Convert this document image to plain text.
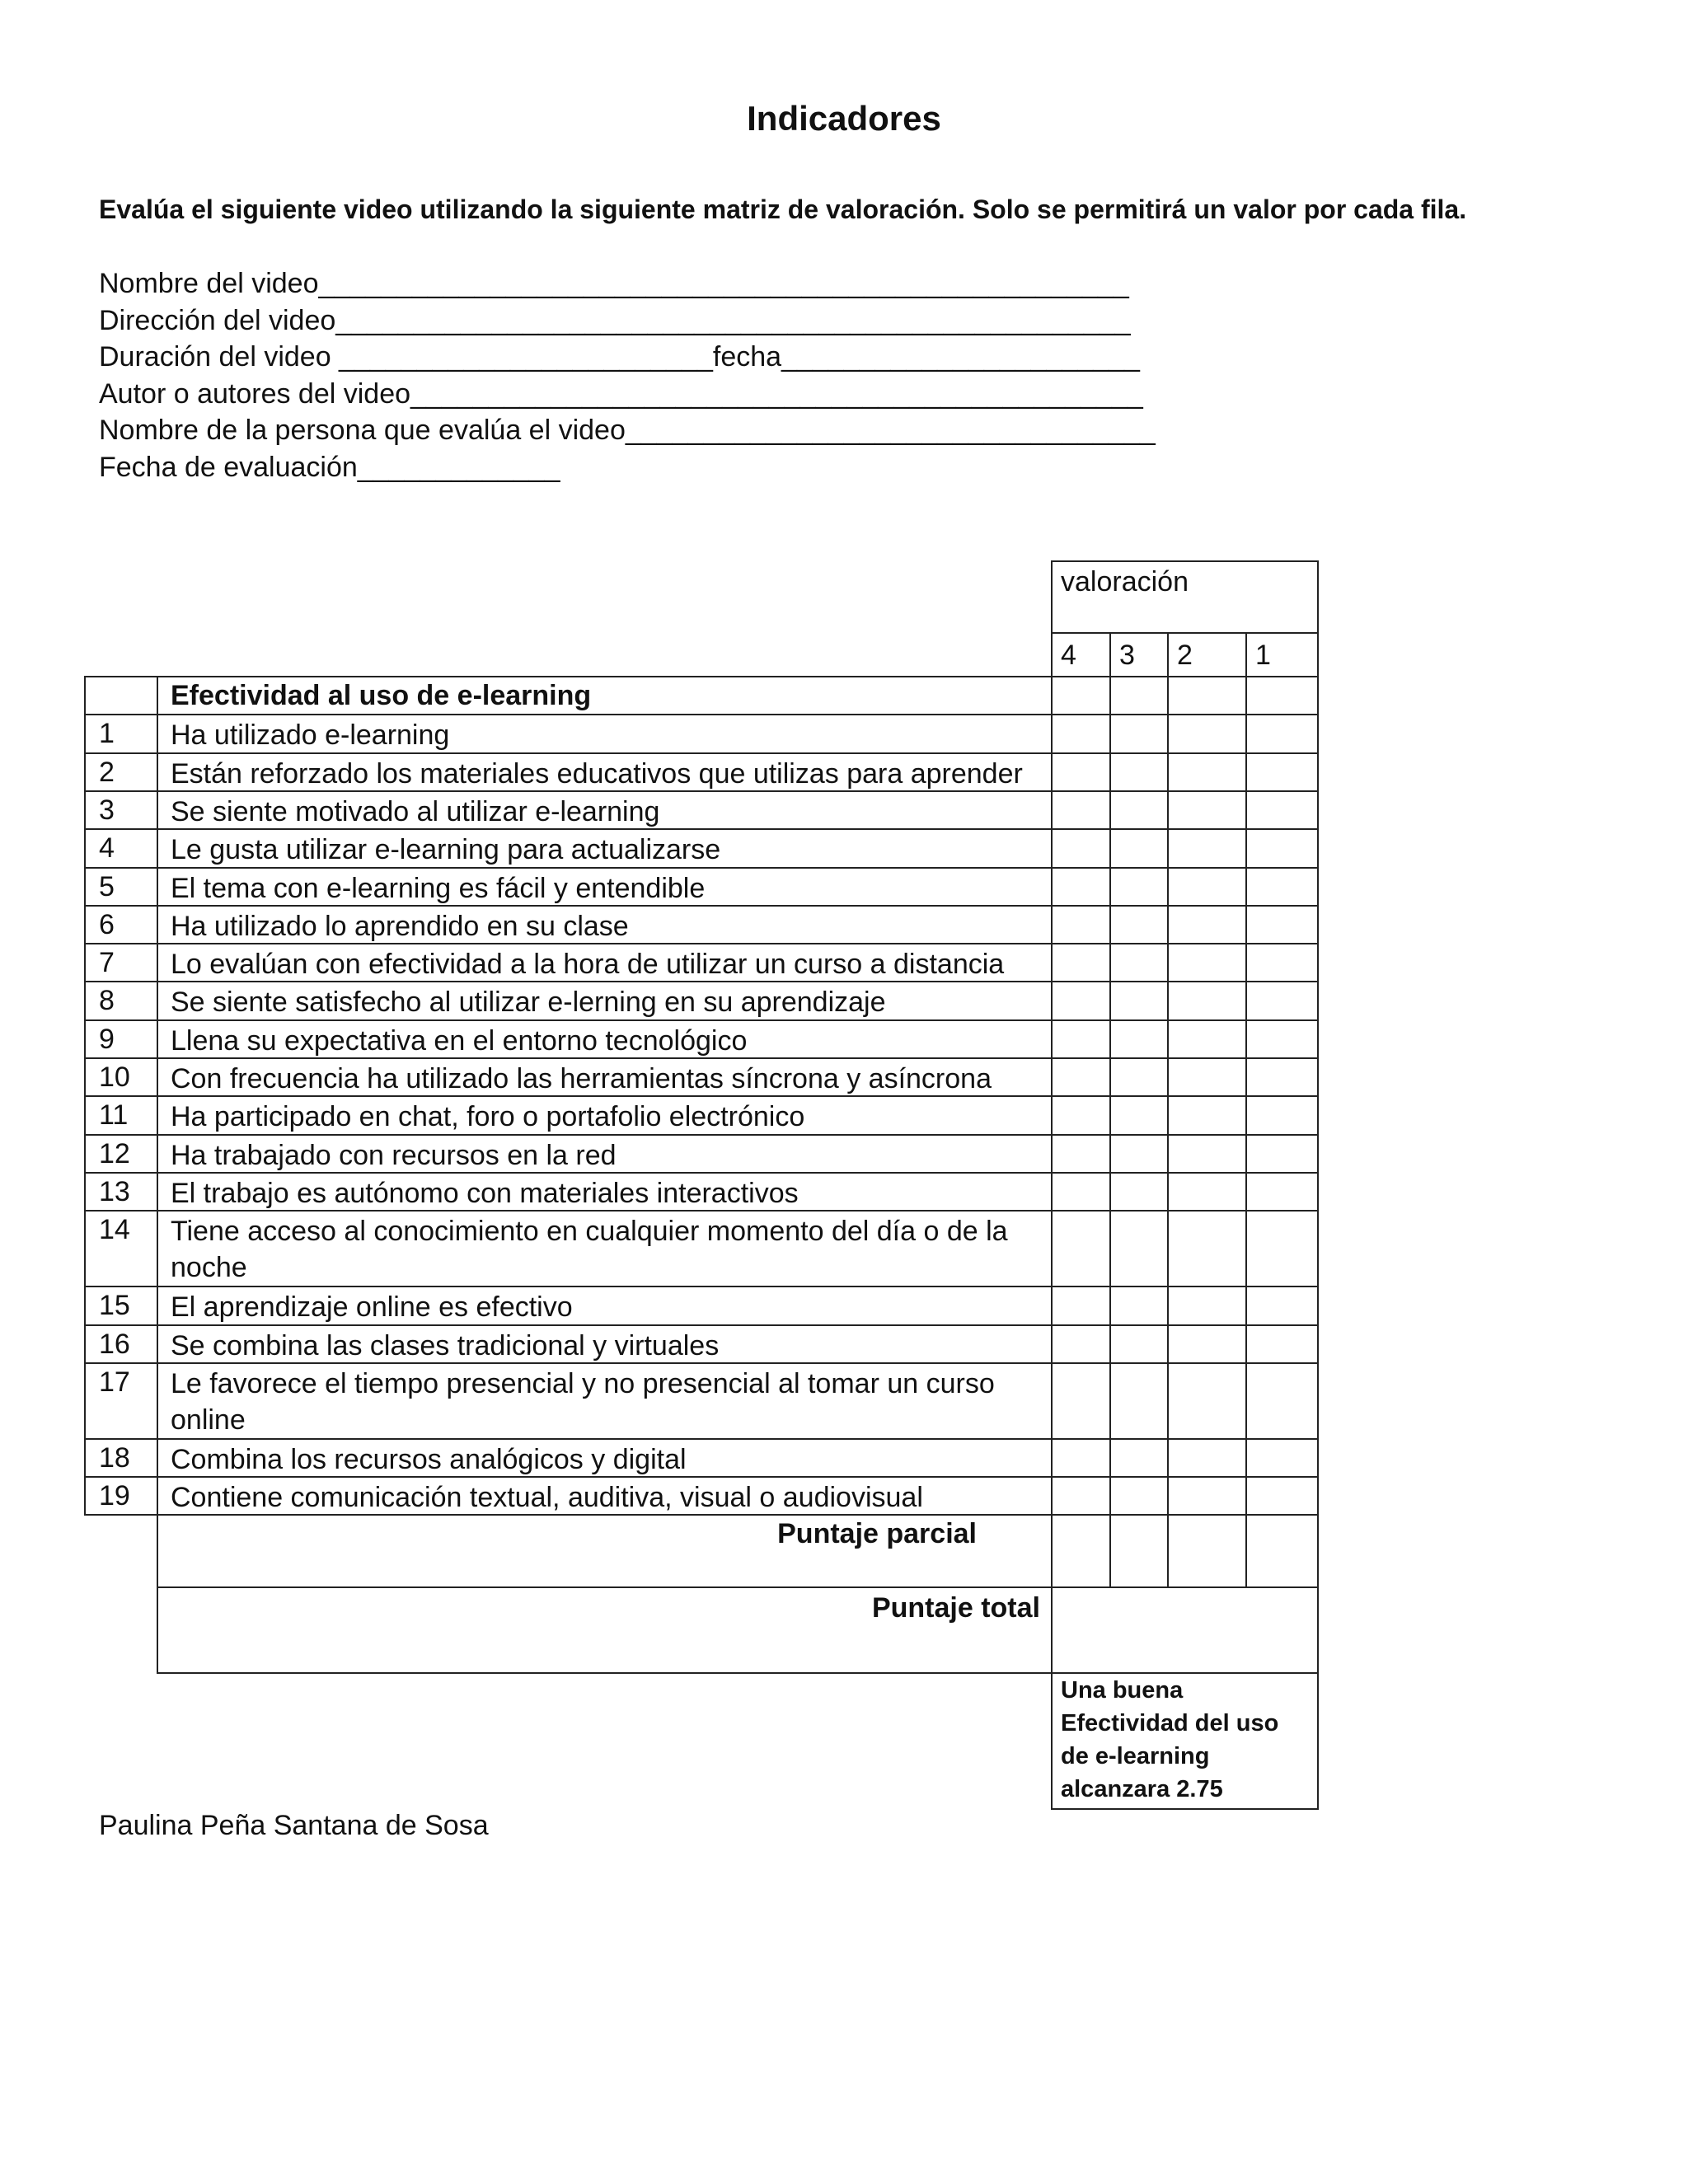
Indicadores
Evalúa el siguiente video utilizando la siguiente matriz de valoración. Solo se permitirá un valor por cada fila.
Nombre del video____________________________________________________
Dirección del video___________________________________________________
Duración del video ________________________fecha_______________________
Autor o autores del video_______________________________________________
Nombre de la persona que evalúa el video__________________________________
Fecha de evaluación_____________
valoración
4	3	2	1
Efectividad al uso de e-learning
1	Ha utilizado e-learning
2	Están reforzado los materiales educativos que utilizas para aprender
3	Se siente motivado al utilizar e-learning
4	Le gusta utilizar e-learning para actualizarse
5	El tema con e-learning es fácil y entendible
6	Ha utilizado lo aprendido en su clase
7	Lo evalúan con efectividad a la hora de utilizar un curso a distancia
8	Se siente satisfecho al utilizar e-lerning en su aprendizaje
9	Llena su expectativa en el entorno tecnológico
10	Con frecuencia ha utilizado las herramientas síncrona y asíncrona
11	Ha participado en chat, foro o portafolio electrónico
12	Ha trabajado con recursos en la red
13	El trabajo es autónomo con materiales interactivos
14	Tiene acceso al conocimiento en cualquier momento del día o de la noche
15	El aprendizaje online es efectivo
16	Se combina las clases tradicional y virtuales
17	Le favorece el tiempo presencial y no presencial al tomar un curso online
18	Combina los recursos analógicos y digital
19	Contiene comunicación textual, auditiva, visual o audiovisual
Puntaje parcial
Puntaje total
Una buena Efectividad del uso de e-learning alcanzara 2.75
Paulina Peña Santana de Sosa
